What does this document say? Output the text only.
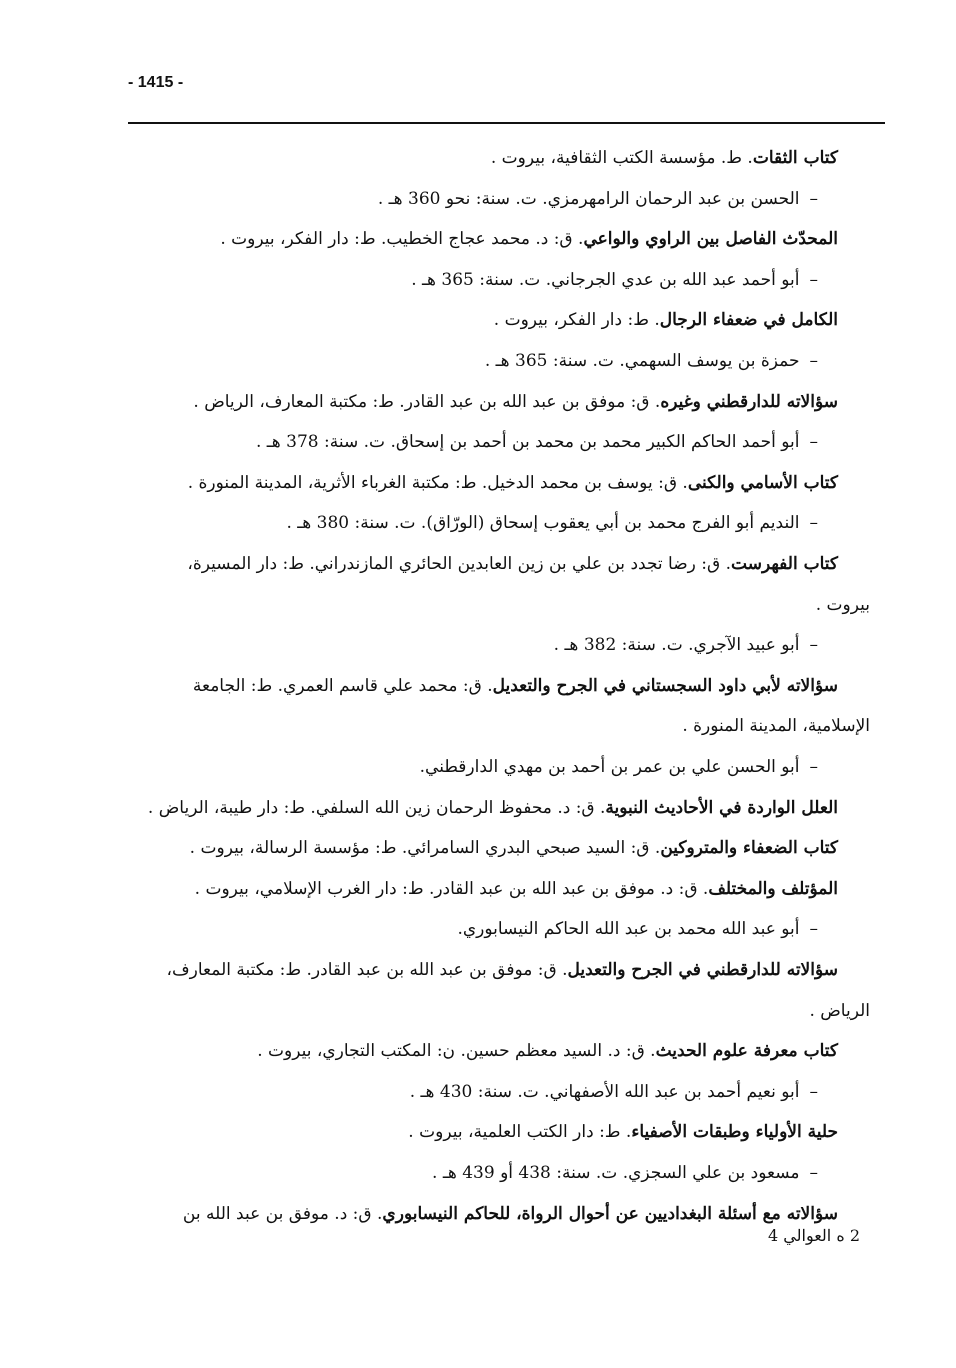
- 1415 -
كتاب الثقات. ط. مؤسسة الكتب الثقافية، بيروت .
–الحسن بن عبد الرحمان الرامهرمزي. ت. سنة: نحو 360 هـ .
المحدّث الفاصل بين الراوي والواعي. ق: د. محمد عجاج الخطيب. ط: دار الفكر، بيروت .
–أبو أحمد عبد الله بن عدي الجرجاني. ت. سنة: 365 هـ .
الكامل في ضعفاء الرجال. ط: دار الفكر، بيروت .
–حمزة بن يوسف السهمي. ت. سنة: 365 هـ .
سؤالاته للدارقطني وغيره. ق: موفق بن عبد الله بن عبد القادر. ط: مكتبة المعارف، الرياض .
–أبو أحمد الحاكم الكبير محمد بن محمد بن أحمد بن إسحاق. ت. سنة: 378 هـ .
كتاب الأسامي والكنى. ق: يوسف بن محمد الدخيل. ط: مكتبة الغرباء الأثرية، المدينة المنورة .
–النديم أبو الفرج محمد بن أبي يعقوب إسحاق (الورّاق). ت. سنة: 380 هـ .
كتاب الفهرست. ق: رضا تجدد بن علي بن زين العابدين الحائري المازندراني. ط: دار المسيرة،
بيروت .
–أبو عبيد الآجري. ت. سنة: 382 هـ .
سؤالاته لأبي داود السجستاني في الجرح والتعديل. ق: محمد علي قاسم العمري. ط: الجامعة
الإسلامية، المدينة المنورة .
–أبو الحسن علي بن عمر بن أحمد بن مهدي الدارقطني.
العلل الواردة في الأحاديث النبوية. ق: د. محفوظ الرحمان زين الله السلفي. ط: دار طيبة، الرياض .
كتاب الضعفاء والمتروكين. ق: السيد صبحي البدري السامرائي. ط: مؤسسة الرسالة، بيروت .
المؤتلف والمختلف. ق: د. موفق بن عبد الله بن عبد القادر. ط: دار الغرب الإسلامي، بيروت .
–أبو عبد الله محمد بن عبد الله الحاكم النيسابوري.
سؤالاته للدارقطني في الجرح والتعديل. ق: موفق بن عبد الله بن عبد القادر. ط: مكتبة المعارف،
الرياض .
كتاب معرفة علوم الحديث. ق: د. السيد معظم حسين. ن: المكتب التجاري، بيروت .
–أبو نعيم أحمد بن عبد الله الأصفهاني. ت. سنة: 430 هـ .
حلية الأولياء وطبقات الأصفياء. ط: دار الكتب العلمية، بيروت .
–مسعود بن علي السجزي. ت. سنة: 438 أو 439 هـ .
سؤالاته مع أسئلة البغداديين عن أحوال الرواة، للحاكم النيسابوري. ق: د. موفق بن عبد الله بن
2 ه العوالي 4
